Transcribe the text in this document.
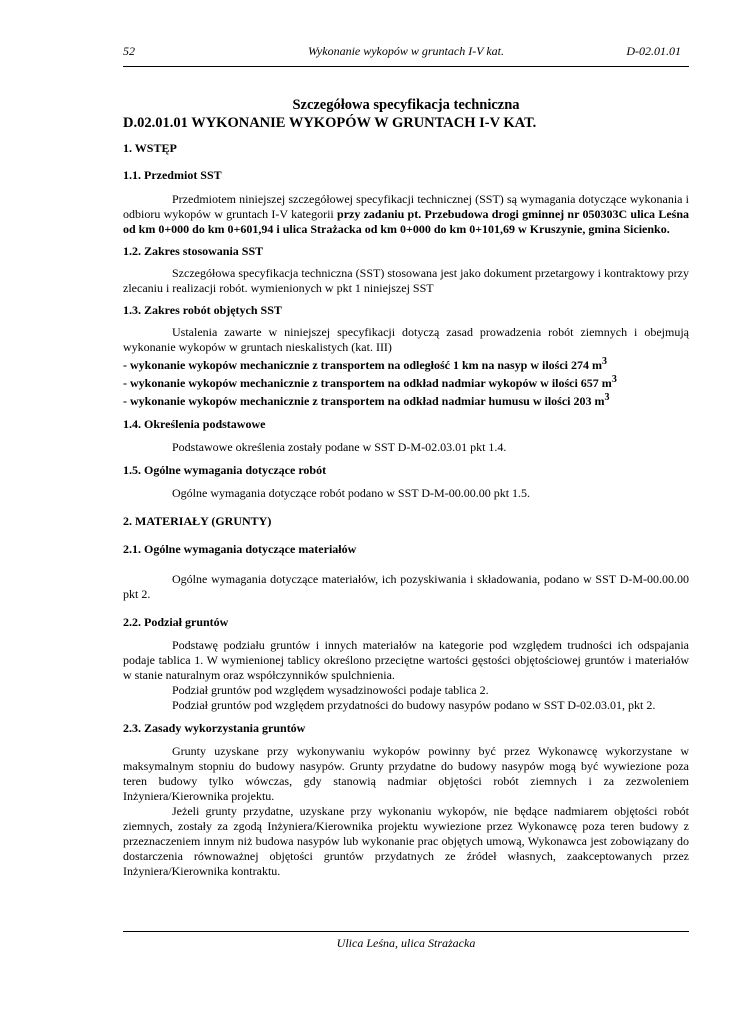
52	Wykonanie wykopów w gruntach I-V kat.	D-02.01.01
Szczegółowa specyfikacja techniczna
D.02.01.01 WYKONANIE WYKOPÓW W GRUNTACH I-V KAT.
1. WSTĘP
1.1. Przedmiot SST

Przedmiotem niniejszej szczegółowej specyfikacji technicznej (SST) są wymagania dotyczące wykonania i odbioru wykopów w gruntach I-V kategorii przy zadaniu pt. Przebudowa drogi gminnej nr 050303C ulica Leśna od km 0+000 do km 0+601,94 i ulica Strażacka od km 0+000 do km 0+101,69 w Kruszynie, gmina Sicienko.

1.2. Zakres stosowania SST

Szczegółowa specyfikacja techniczna (SST) stosowana jest jako dokument przetargowy i kontraktowy przy zlecaniu i realizacji robót. wymienionych w pkt 1 niniejszej SST

1.3. Zakres robót objętych SST

Ustalenia zawarte w niniejszej specyfikacji dotyczą zasad prowadzenia robót ziemnych i obejmują wykonanie wykopów w gruntach nieskalistych (kat. III)

- wykonanie wykopów mechanicznie z transportem na odległość 1 km na nasyp w ilości 274 $m^3$

- wykonanie wykopów mechanicznie z transportem na odkład nadmiar wykopów w ilości 657 $m^3$

- wykonanie wykopów mechanicznie z transportem na odkład nadmiar humusu w ilości 203 $m^3$

1.4. Określenia podstawowe

Podstawowe określenia zostały podane w SST D-M-02.03.01 pkt 1.4.

1.5. Ogólne wymagania dotyczące robót

Ogólne wymagania dotyczące robót podano w SST D-M-00.00.00 pkt 1.5.

2. MATERIAŁY (GRUNTY)
2.1. Ogólne wymagania dotyczące materiałów

Ogólne wymagania dotyczące materiałów, ich pozyskiwania i składowania, podano w SST D-M-00.00.00 pkt 2.

2.2. Podział gruntów

Podstawę podziału gruntów i innych materiałów na kategorie pod względem trudności ich odspajania podaje tablica 1. W wymienionej tablicy określono przeciętne wartości gęstości objętościowej gruntów i materiałów w stanie naturalnym oraz współczynników spulchnienia.

Podział gruntów pod względem wysadzinowości podaje tablica 2.

Podział gruntów pod względem przydatności do budowy nasypów podano w SST D-02.03.01, pkt 2.

2.3. Zasady wykorzystania gruntów

Grunty uzyskane przy wykonywaniu wykopów powinny być przez Wykonawcę wykorzystane w maksymalnym stopniu do budowy nasypów. Grunty przydatne do budowy nasypów mogą być wywiezione poza teren budowy tylko wówczas, gdy stanowią nadmiar objętości robót ziemnych i za zezwoleniem Inżyniera/Kierownika projektu.

Jeżeli grunty przydatne, uzyskane przy wykonaniu wykopów, nie będące nadmiarem objętości robót ziemnych, zostały za zgodą Inżyniera/Kierownika projektu wywiezione przez Wykonawcę poza teren budowy z przeznaczeniem innym niż budowa nasypów lub wykonanie prac objętych umową, Wykonawca jest zobowiązany do dostarczenia równoważnej objętości gruntów przydatnych ze źródeł własnych, zaakceptowanych przez Inżyniera/Kierownika kontraktu.

Ulica Leśna, ulica Strażacka
